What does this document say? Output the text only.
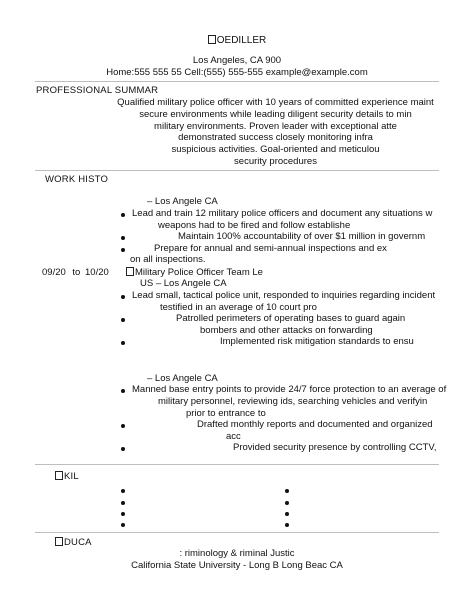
OEDILLER
Los Angeles, CA 900
Home:555 555 55 Cell:(555) 555-555 example@example.com
PROFESSIONAL SUMMAR
Qualified military police officer with 10 years of committed experience maint
secure environments while leading diligent security details to min
military environments. Proven leader with exceptional atte
demonstrated success closely monitoring infra
suspicious activities. Goal-oriented and meticulou
security procedures
WORK HISTO
09/20 to 10/20
– Los Angele CA
Lead and train 12 military police officers and document any situations w
weapons had to be fired and follow establishe
Maintain 100% accountability of over $1 million in governm
Prepare for annual and semi-annual inspections and ex
on all inspections.
Military Police Officer Team Le
US – Los Angele CA
Lead small, tactical police unit, responded to inquiries regarding incident
testified in an average of 10 court pro
Patrolled perimeters of operating bases to guard again
bombers and other attacks on forwarding
Implemented risk mitigation standards to ensu
– Los Angele CA
Manned base entry points to provide 24/7 force protection to an average of
military personnel, reviewing ids, searching vehicles and verifyin
prior to entrance to
Drafted monthly reports and documented and organized
acc
Provided security presence by controlling CCTV,
KIL
DUCA
: riminology & riminal Justic
California State University - Long B Long Beac CA
